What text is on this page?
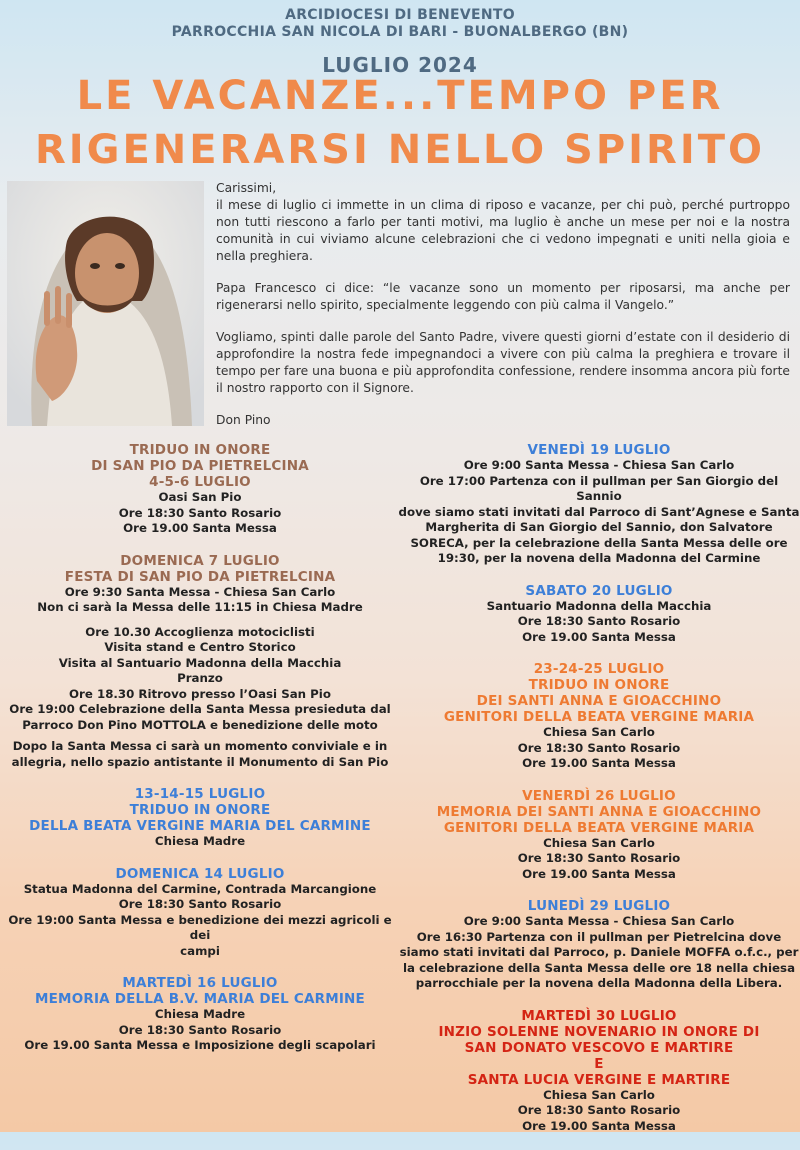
ARCIDIOCESI DI BENEVENTO
PARROCCHIA SAN NICOLA DI BARI - BUONALBERGO (BN)
LUGLIO 2024
LE VACANZE...TEMPO PER
RIGENERARSI NELLO SPIRITO

Carissimi,
il mese di luglio ci immette in un clima di riposo e vacanze, per chi può, perché purtroppo non tutti riescono a farlo per tanti motivi, ma luglio è anche un mese per noi e la nostra comunità in cui viviamo alcune celebrazioni che ci vedono impegnati e uniti nella gioia e nella preghiera.

Papa Francesco ci dice: “le vacanze sono un momento per riposarsi, ma anche per rigenerarsi nello spirito, specialmente leggendo con più calma il Vangelo.”

Vogliamo, spinti dalle parole del Santo Padre, vivere questi giorni d’estate con il desiderio di approfondire la nostra fede impegnandoci a vivere con più calma la preghiera e trovare il tempo per fare una buona e più approfondita confessione, rendere insomma ancora più forte il nostro rapporto con il Signore.

Don Pino

TRIDUO IN ONORE
DI SAN PIO DA PIETRELCINA
4-5-6 LUGLIO
Oasi San Pio
Ore 18:30 Santo Rosario
Ore 19.00 Santa Messa
DOMENICA 7 LUGLIO
FESTA DI SAN PIO DA PIETRELCINA
Ore 9:30 Santa Messa - Chiesa San Carlo
Non ci sarà la Messa delle 11:15 in Chiesa Madre
Ore 10.30 Accoglienza motociclisti
Visita stand e Centro Storico
Visita al Santuario Madonna della Macchia
Pranzo
Ore 18.30 Ritrovo presso l’Oasi San Pio
Ore 19:00 Celebrazione della Santa Messa presieduta dal
Parroco Don Pino MOTTOLA e benedizione delle moto
Dopo la Santa Messa ci sarà un momento conviviale e in
allegria, nello spazio antistante il Monumento di San Pio
13-14-15 LUGLIO
TRIDUO IN ONORE
DELLA BEATA VERGINE MARIA DEL CARMINE
Chiesa Madre
DOMENICA 14 LUGLIO
Statua Madonna del Carmine, Contrada Marcangione
Ore 18:30 Santo Rosario
Ore 19:00 Santa Messa e benedizione dei mezzi agricoli e dei
campi
MARTEDÌ 16 LUGLIO
MEMORIA DELLA B.V. MARIA DEL CARMINE
Chiesa Madre
Ore 18:30 Santo Rosario
Ore 19.00 Santa Messa e Imposizione degli scapolari
VENEDÌ 19 LUGLIO
Ore 9:00 Santa Messa - Chiesa San Carlo
Ore 17:00 Partenza con il pullman per San Giorgio del Sannio
dove siamo stati invitati dal Parroco di Sant’Agnese e Santa
Margherita di San Giorgio del Sannio, don Salvatore
SORECA, per la celebrazione della Santa Messa delle ore
19:30, per la novena della Madonna del Carmine
SABATO 20 LUGLIO
Santuario Madonna della Macchia
Ore 18:30 Santo Rosario
Ore 19.00 Santa Messa
23-24-25 LUGLIO
TRIDUO IN ONORE
DEI SANTI ANNA E GIOACCHINO
GENITORI DELLA BEATA VERGINE MARIA
Chiesa San Carlo
Ore 18:30 Santo Rosario
Ore 19.00 Santa Messa
VENERDÌ 26 LUGLIO
MEMORIA DEI SANTI ANNA E GIOACCHINO
GENITORI DELLA BEATA VERGINE MARIA
Chiesa San Carlo
Ore 18:30 Santo Rosario
Ore 19.00 Santa Messa
LUNEDÌ 29 LUGLIO
Ore 9:00 Santa Messa - Chiesa San Carlo
Ore 16:30 Partenza con il pullman per Pietrelcina dove
siamo stati invitati dal Parroco, p. Daniele MOFFA o.f.c., per
la celebrazione della Santa Messa delle ore 18 nella chiesa
parrocchiale per la novena della Madonna della Libera.
MARTEDÌ 30 LUGLIO
INZIO SOLENNE NOVENARIO IN ONORE DI
SAN DONATO VESCOVO E MARTIRE
E
SANTA LUCIA VERGINE E MARTIRE
Chiesa San Carlo
Ore 18:30 Santo Rosario
Ore 19.00 Santa Messa
